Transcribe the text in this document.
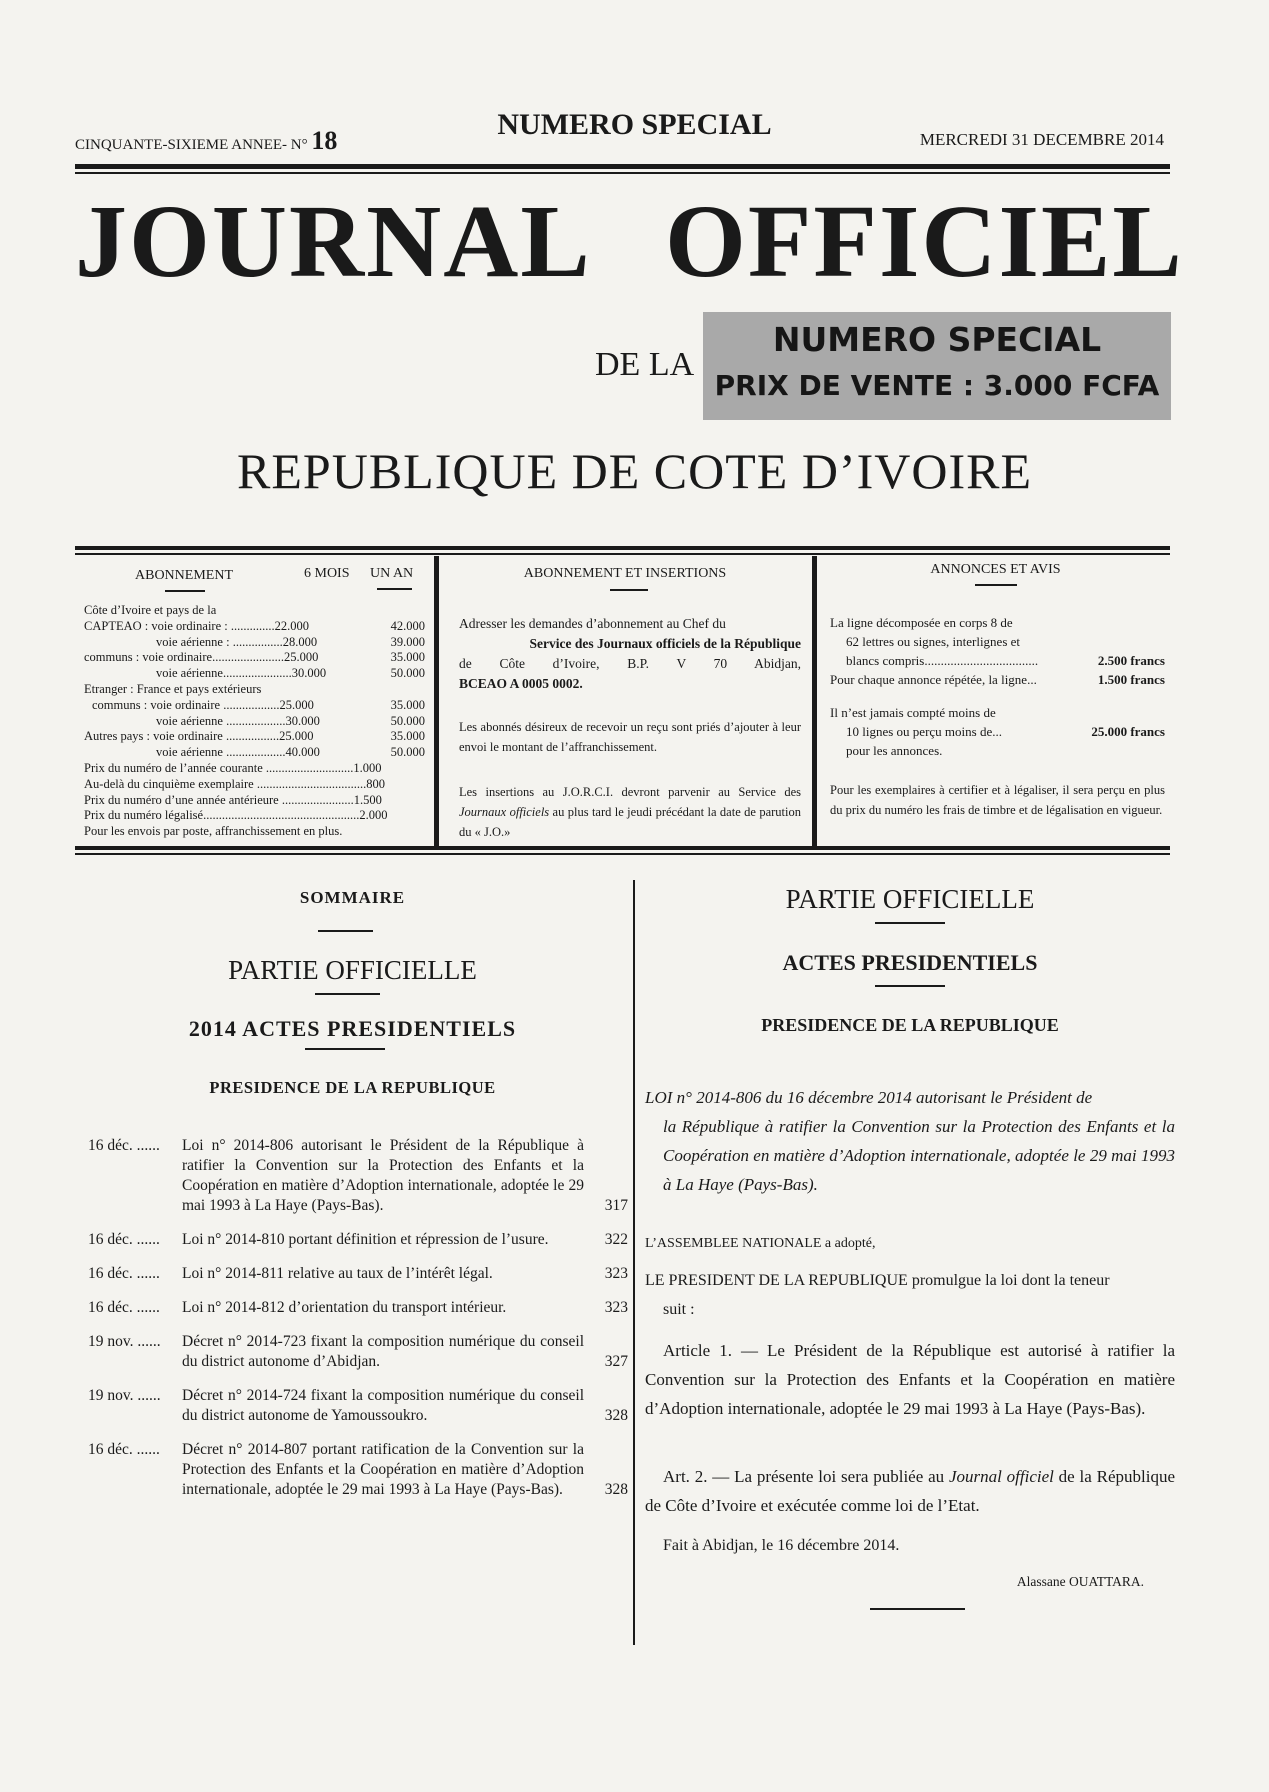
CINQUANTE-SIXIEME ANNEE- N° 18	NUMERO SPECIAL	MERCREDI 31 DECEMBRE 2014
JOURNAL OFFICIEL
DE LA
NUMERO SPECIAL
PRIX DE VENTE : 3.000 FCFA
REPUBLIQUE DE COTE D’IVOIRE
ABONNEMENT	6 MOIS UN AN
Côte d’Ivoire et pays de la
CAPTEAO : voie ordinaire : ..............22.000	42.000
voie aérienne : ................28.000	39.000
communs : voie ordinaire.......................25.000	35.000
voie aérienne......................30.000	50.000
Etranger : France et pays extérieurs
communs : voie ordinaire ..................25.000	35.000
voie aérienne ...................30.000	50.000
Autres pays : voie ordinaire .................25.000	35.000
voie aérienne ...................40.000	50.000
Prix du numéro de l’année courante ............................1.000
Au-delà du cinquième exemplaire ...................................800
Prix du numéro d’une année antérieure .......................1.500
Prix du numéro légalisé..................................................2.000
Pour les envois par poste, affranchissement en plus.
ABONNEMENT ET INSERTIONS
Adresser les demandes d’abonnement au Chef du
Service des Journaux officiels de la République
de Côte d’Ivoire, B.P. V 70 Abidjan,
BCEAO A 0005 0002.
Les abonnés désireux de recevoir un reçu sont priés d’ajouter à leur envoi le montant de l’affranchissement.
Les insertions au J.O.R.C.I. devront parvenir au Service des Journaux officiels au plus tard le jeudi précédant la date de parution du « J.O.»
ANNONCES ET AVIS
La ligne décomposée en corps 8 de
62 lettres ou signes, interlignes et
blancs compris...................................	2.500 francs
Pour chaque annonce répétée, la ligne...	1.500 francs
Il n’est jamais compté moins de
10 lignes ou perçu moins de...	25.000 francs
pour les annonces.
Pour les exemplaires à certifier et à légaliser, il sera perçu en plus du prix du numéro les frais de timbre et de légalisation en vigueur.
SOMMAIRE
PARTIE OFFICIELLE
2014 ACTES PRESIDENTIELS
PRESIDENCE DE LA REPUBLIQUE
16 déc. ......	Loi n° 2014-806 autorisant le Président de la République à ratifier la Convention sur la Protection des Enfants et la Coopération en matière d’Adoption internationale, adoptée le 29 mai 1993 à La Haye (Pays-Bas).	317
16 déc. ......	Loi n° 2014-810 portant définition et répression de l’usure.	322
16 déc. ......	Loi n° 2014-811 relative au taux de l’intérêt légal.	323
16 déc. ......	Loi n° 2014-812 d’orientation du transport intérieur.	323
19 nov. ......	Décret n° 2014-723 fixant la composition numérique du conseil du district autonome d’Abidjan.	327
19 nov. ......	Décret n° 2014-724 fixant la composition numérique du conseil du district autonome de Yamoussoukro.	328
16 déc. ......	Décret n° 2014-807 portant ratification de la Convention sur la Protection des Enfants et la Coopération en matière d’Adoption internationale, adoptée le 29 mai 1993 à La Haye (Pays-Bas).	328
PARTIE OFFICIELLE
ACTES PRESIDENTIELS
PRESIDENCE DE LA REPUBLIQUE
LOI n° 2014-806 du 16 décembre 2014 autorisant le Président de
la République à ratifier la Convention sur la Protection des Enfants et la Coopération en matière d’Adoption internationale, adoptée le 29 mai 1993 à La Haye (Pays-Bas).
L’ASSEMBLEE NATIONALE a adopté,
LE PRESIDENT DE LA REPUBLIQUE promulgue la loi dont la teneur
suit :
Article 1. — Le Président de la République est autorisé à ratifier la Convention sur la Protection des Enfants et la Coopération en matière d’Adoption internationale, adoptée le 29 mai 1993 à La Haye (Pays-Bas).
Art. 2. — La présente loi sera publiée au Journal officiel de la République de Côte d’Ivoire et exécutée comme loi de l’Etat.
Fait à Abidjan, le 16 décembre 2014.
Alassane OUATTARA.
